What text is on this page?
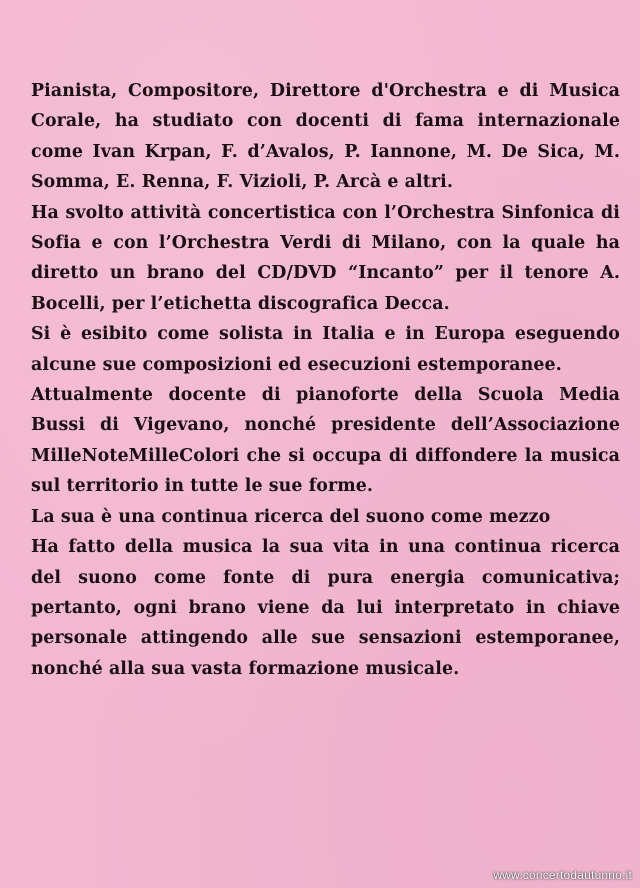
Pianista, Compositore, Direttore d'Orchestra e di Musica Corale, ha studiato con docenti di fama internazionale come Ivan Krpan, F. d’Avalos, P. Iannone, M. De Sica, M. Somma, E. Renna, F. Vizioli, P. Arcà e altri.

Ha svolto attività concertistica con l’Orchestra Sinfonica di Sofia e con l’Orchestra Verdi di Milano, con la quale ha diretto un brano del CD/DVD “Incanto” per il tenore A. Bocelli, per l’etichetta discografica Decca.

Si è esibito come solista in Italia e in Europa eseguendo alcune sue composizioni ed esecuzioni estemporanee.

Attualmente docente di pianoforte della Scuola Media Bussi di Vigevano, nonché presidente dell’Associazione MilleNoteMilleColori che si occupa di diffondere la musica sul territorio in tutte le sue forme.

La sua è una continua ricerca del suono come mezzo

Ha fatto della musica la sua vita in una continua ricerca del suono come fonte di pura energia comunicativa; pertanto, ogni brano viene da lui interpretato in chiave personale attingendo alle sue sensazioni estemporanee, nonché alla sua vasta formazione musicale.

www.concertodautunno.it
